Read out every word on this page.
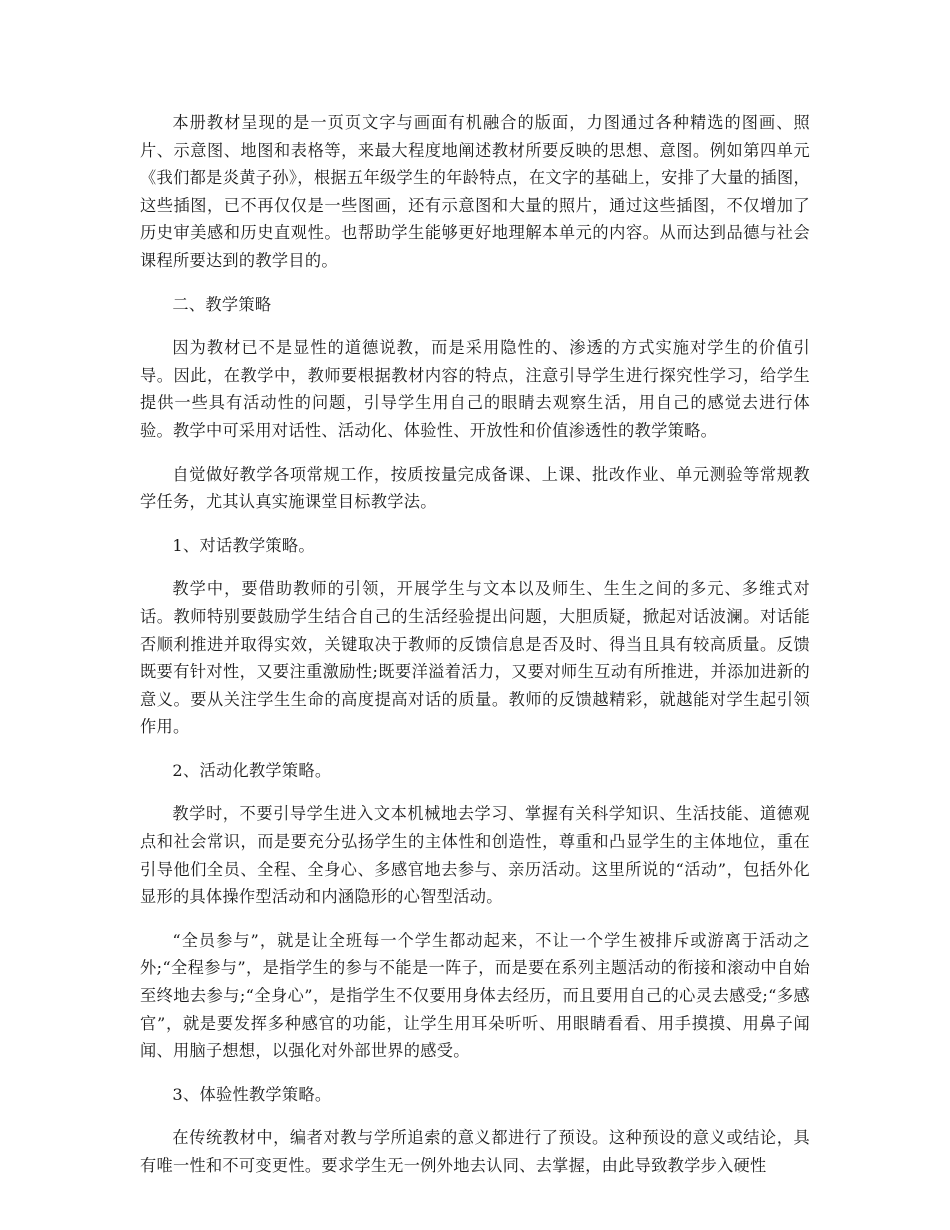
本册教材呈现的是一页页文字与画面有机融合的版面，力图通过各种精选的图画、照片、示意图、地图和表格等，来最大程度地阐述教材所要反映的思想、意图。例如第四单元《我们都是炎黄子孙》，根据五年级学生的年龄特点，在文字的基础上，安排了大量的插图，这些插图，已不再仅仅是一些图画，还有示意图和大量的照片，通过这些插图，不仅增加了历史审美感和历史直观性。也帮助学生能够更好地理解本单元的内容。从而达到品德与社会课程所要达到的教学目的。

二、教学策略

因为教材已不是显性的道德说教，而是采用隐性的、渗透的方式实施对学生的价值引导。因此，在教学中，教师要根据教材内容的特点，注意引导学生进行探究性学习，给学生提供一些具有活动性的问题，引导学生用自己的眼睛去观察生活，用自己的感觉去进行体验。教学中可采用对话性、活动化、体验性、开放性和价值渗透性的教学策略。

自觉做好教学各项常规工作，按质按量完成备课、上课、批改作业、单元测验等常规教学任务，尤其认真实施课堂目标教学法。

1、对话教学策略。

教学中，要借助教师的引领，开展学生与文本以及师生、生生之间的多元、多维式对话。教师特别要鼓励学生结合自己的生活经验提出问题，大胆质疑，掀起对话波澜。对话能否顺利推进并取得实效，关键取决于教师的反馈信息是否及时、得当且具有较高质量。反馈既要有针对性，又要注重激励性;既要洋溢着活力，又要对师生互动有所推进，并添加进新的意义。要从关注学生生命的高度提高对话的质量。教师的反馈越精彩，就越能对学生起引领作用。

2、活动化教学策略。

教学时，不要引导学生进入文本机械地去学习、掌握有关科学知识、生活技能、道德观点和社会常识，而是要充分弘扬学生的主体性和创造性，尊重和凸显学生的主体地位，重在引导他们全员、全程、全身心、多感官地去参与、亲历活动。这里所说的“活动”，包括外化显形的具体操作型活动和内涵隐形的心智型活动。

“全员参与”，就是让全班每一个学生都动起来，不让一个学生被排斥或游离于活动之外;“全程参与”，是指学生的参与不能是一阵子，而是要在系列主题活动的衔接和滚动中自始至终地去参与;“全身心”，是指学生不仅要用身体去经历，而且要用自己的心灵去感受;“多感官”，就是要发挥多种感官的功能，让学生用耳朵听听、用眼睛看看、用手摸摸、用鼻子闻闻、用脑子想想，以强化对外部世界的感受。

3、体验性教学策略。

在传统教材中，编者对教与学所追索的意义都进行了预设。这种预设的意义或结论，具有唯一性和不可变更性。要求学生无一例外地去认同、去掌握，由此导致教学步入硬性
